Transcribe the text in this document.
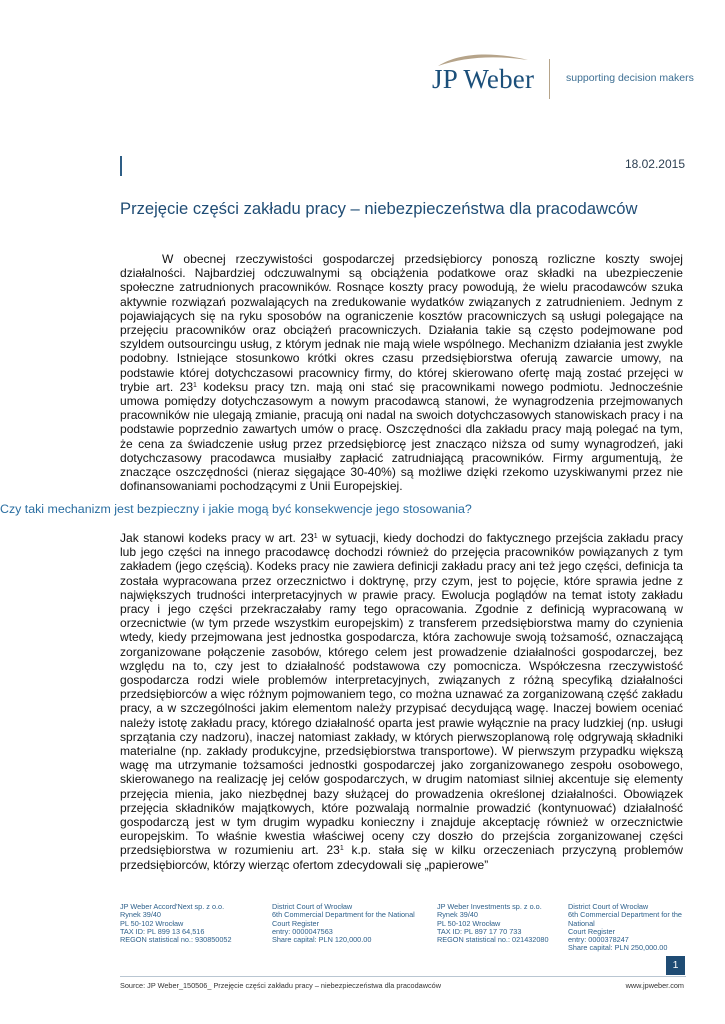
JP Weber	supporting decision makers
18.02.2015
Przejęcie części zakładu pracy – niebezpieczeństwa dla pracodawców
W obecnej rzeczywistości gospodarczej przedsiębiorcy ponoszą rozliczne koszty swojej działalności. Najbardziej odczuwalnymi są obciążenia podatkowe oraz składki na ubezpieczenie społeczne zatrudnionych pracowników. Rosnące koszty pracy powodują, że wielu pracodawców szuka aktywnie rozwiązań pozwalających na zredukowanie wydatków związanych z zatrudnieniem. Jednym z pojawiających się na ryku sposobów na ograniczenie kosztów pracowniczych są usługi polegające na przejęciu pracowników oraz obciążeń pracowniczych. Działania takie są często podejmowane pod szyldem outsourcingu usług, z którym jednak nie mają wiele wspólnego. Mechanizm działania jest zwykle podobny. Istniejące stosunkowo krótki okres czasu przedsiębiorstwa oferują zawarcie umowy, na podstawie której dotychczasowi pracownicy firmy, do której skierowano ofertę mają zostać przejęci w trybie art. $23^1$ kodeksu pracy tzn. mają oni stać się pracownikami nowego podmiotu. Jednocześnie umowa pomiędzy dotychczasowym a nowym pracodawcą stanowi, że wynagrodzenia przejmowanych pracowników nie ulegają zmianie, pracują oni nadal na swoich dotychczasowych stanowiskach pracy i na podstawie poprzednio zawartych umów o pracę. Oszczędności dla zakładu pracy mają polegać na tym, że cena za świadczenie usług przez przedsiębiorcę jest znacząco niższa od sumy wynagrodzeń, jaki dotychczasowy pracodawca musiałby zapłacić zatrudniającą pracowników. Firmy argumentują, że znaczące oszczędności (nieraz sięgające 30-40%) są możliwe dzięki rzekomo uzyskiwanymi przez nie dofinansowaniami pochodzącymi z Unii Europejskiej.
Czy taki mechanizm jest bezpieczny i jakie mogą być konsekwencje jego stosowania?
Jak stanowi kodeks pracy w art. $23^1$ w sytuacji, kiedy dochodzi do faktycznego przejścia zakładu pracy lub jego części na innego pracodawcę dochodzi również do przejęcia pracowników powiązanych z tym zakładem (jego częścią). Kodeks pracy nie zawiera definicji zakładu pracy ani też jego części, definicja ta została wypracowana przez orzecznictwo i doktrynę, przy czym, jest to pojęcie, które sprawia jedne z największych trudności interpretacyjnych w prawie pracy. Ewolucja poglądów na temat istoty zakładu pracy i jego części przekraczałaby ramy tego opracowania. Zgodnie z definicją wypracowaną w orzecnictwie (w tym przede wszystkim europejskim) z transferem przedsiębiorstwa mamy do czynienia wtedy, kiedy przejmowana jest jednostka gospodarcza, która zachowuje swoją tożsamość, oznaczającą zorganizowane połączenie zasobów, którego celem jest prowadzenie działalności gospodarczej, bez względu na to, czy jest to działalność podstawowa czy pomocnicza. Współczesna rzeczywistość gospodarcza rodzi wiele problemów interpretacyjnych, związanych z różną specyfiką działalności przedsiębiorców a więc różnym pojmowaniem tego, co można uznawać za zorganizowaną część zakładu pracy, a w szczególności jakim elementom należy przypisać decydującą wagę. Inaczej bowiem oceniać należy istotę zakładu pracy, którego działalność oparta jest prawie wyłącznie na pracy ludzkiej (np. usługi sprzątania czy nadzoru), inaczej natomiast zakłady, w których pierwszoplanową rolę odgrywają składniki materialne (np. zakłady produkcyjne, przedsiębiorstwa transportowe). W pierwszym przypadku większą wagę ma utrzymanie tożsamości jednostki gospodarczej jako zorganizowanego zespołu osobowego, skierowanego na realizację jej celów gospodarczych, w drugim natomiast silniej akcentuje się elementy przejęcia mienia, jako niezbędnej bazy służącej do prowadzenia określonej działalności. Obowiązek przejęcia składników majątkowych, które pozwalają normalnie prowadzić (kontynuować) działalność gospodarczą jest w tym drugim wypadku konieczny i znajduje akceptację również w orzecznictwie europejskim. To właśnie kwestia właściwej oceny czy doszło do przejścia zorganizowanej części przedsiębiorstwa w rozumieniu art. $23^1$ k.p. stała się w kilku orzeczeniach przyczyną problemów przedsiębiorców, którzy wierząc ofertom zdecydowali się „papierowe”
JP Weber Accord'Next sp. z o.o.
Rynek 39/40
PL 50-102 Wrocław
TAX ID: PL 899 13 64,516
REGON statistical no.: 930850052
District Court of Wrocław
6th Commercial Department for the National
Court Register
entry: 0000047563
Share capital: PLN 120,000.00
JP Weber Investments sp. z o.o.
Rynek 39/40
PL 50-102 Wrocław
TAX ID: PL 897 17 70 733
REGON statistical no.: 021432080
District Court of Wrocław
6th Commercial Department for the
National
Court Register
entry: 0000378247
Share capital: PLN 250,000.00
1
Source: JP Weber_150506_ Przejęcie części zakładu pracy – niebezpieczeństwa dla pracodawców	www.jpweber.com
